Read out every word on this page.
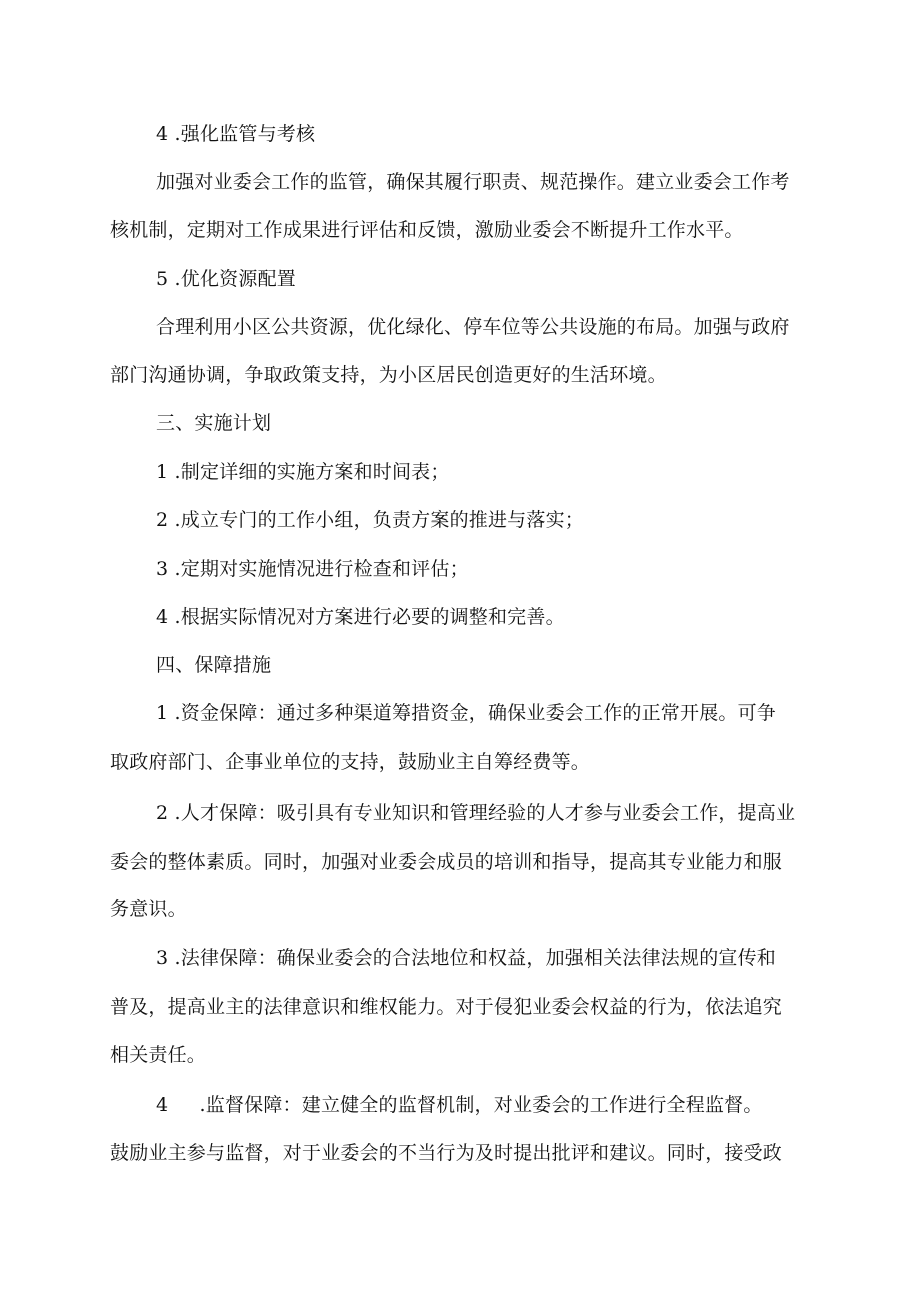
4 .强化监管与考核
加强对业委会工作的监管，确保其履行职责、规范操作。建立业委会工作考
核机制，定期对工作成果进行评估和反馈，激励业委会不断提升工作水平。
5 .优化资源配置
合理利用小区公共资源，优化绿化、停车位等公共设施的布局。加强与政府
部门沟通协调，争取政策支持，为小区居民创造更好的生活环境。
三、实施计划
1 .制定详细的实施方案和时间表；
2 .成立专门的工作小组，负责方案的推进与落实；
3 .定期对实施情况进行检查和评估；
4 .根据实际情况对方案进行必要的调整和完善。
四、保障措施
1 .资金保障：通过多种渠道筹措资金，确保业委会工作的正常开展。可争
取政府部门、企事业单位的支持，鼓励业主自筹经费等。
2 .人才保障：吸引具有专业知识和管理经验的人才参与业委会工作，提高业
委会的整体素质。同时，加强对业委会成员的培训和指导，提高其专业能力和服
务意识。
3 .法律保障：确保业委会的合法地位和权益，加强相关法律法规的宣传和
普及，提高业主的法律意识和维权能力。对于侵犯业委会权益的行为，依法追究
相关责任。
4 .监督保障：建立健全的监督机制，对业委会的工作进行全程监督。
鼓励业主参与监督，对于业委会的不当行为及时提出批评和建议。同时，接受政
